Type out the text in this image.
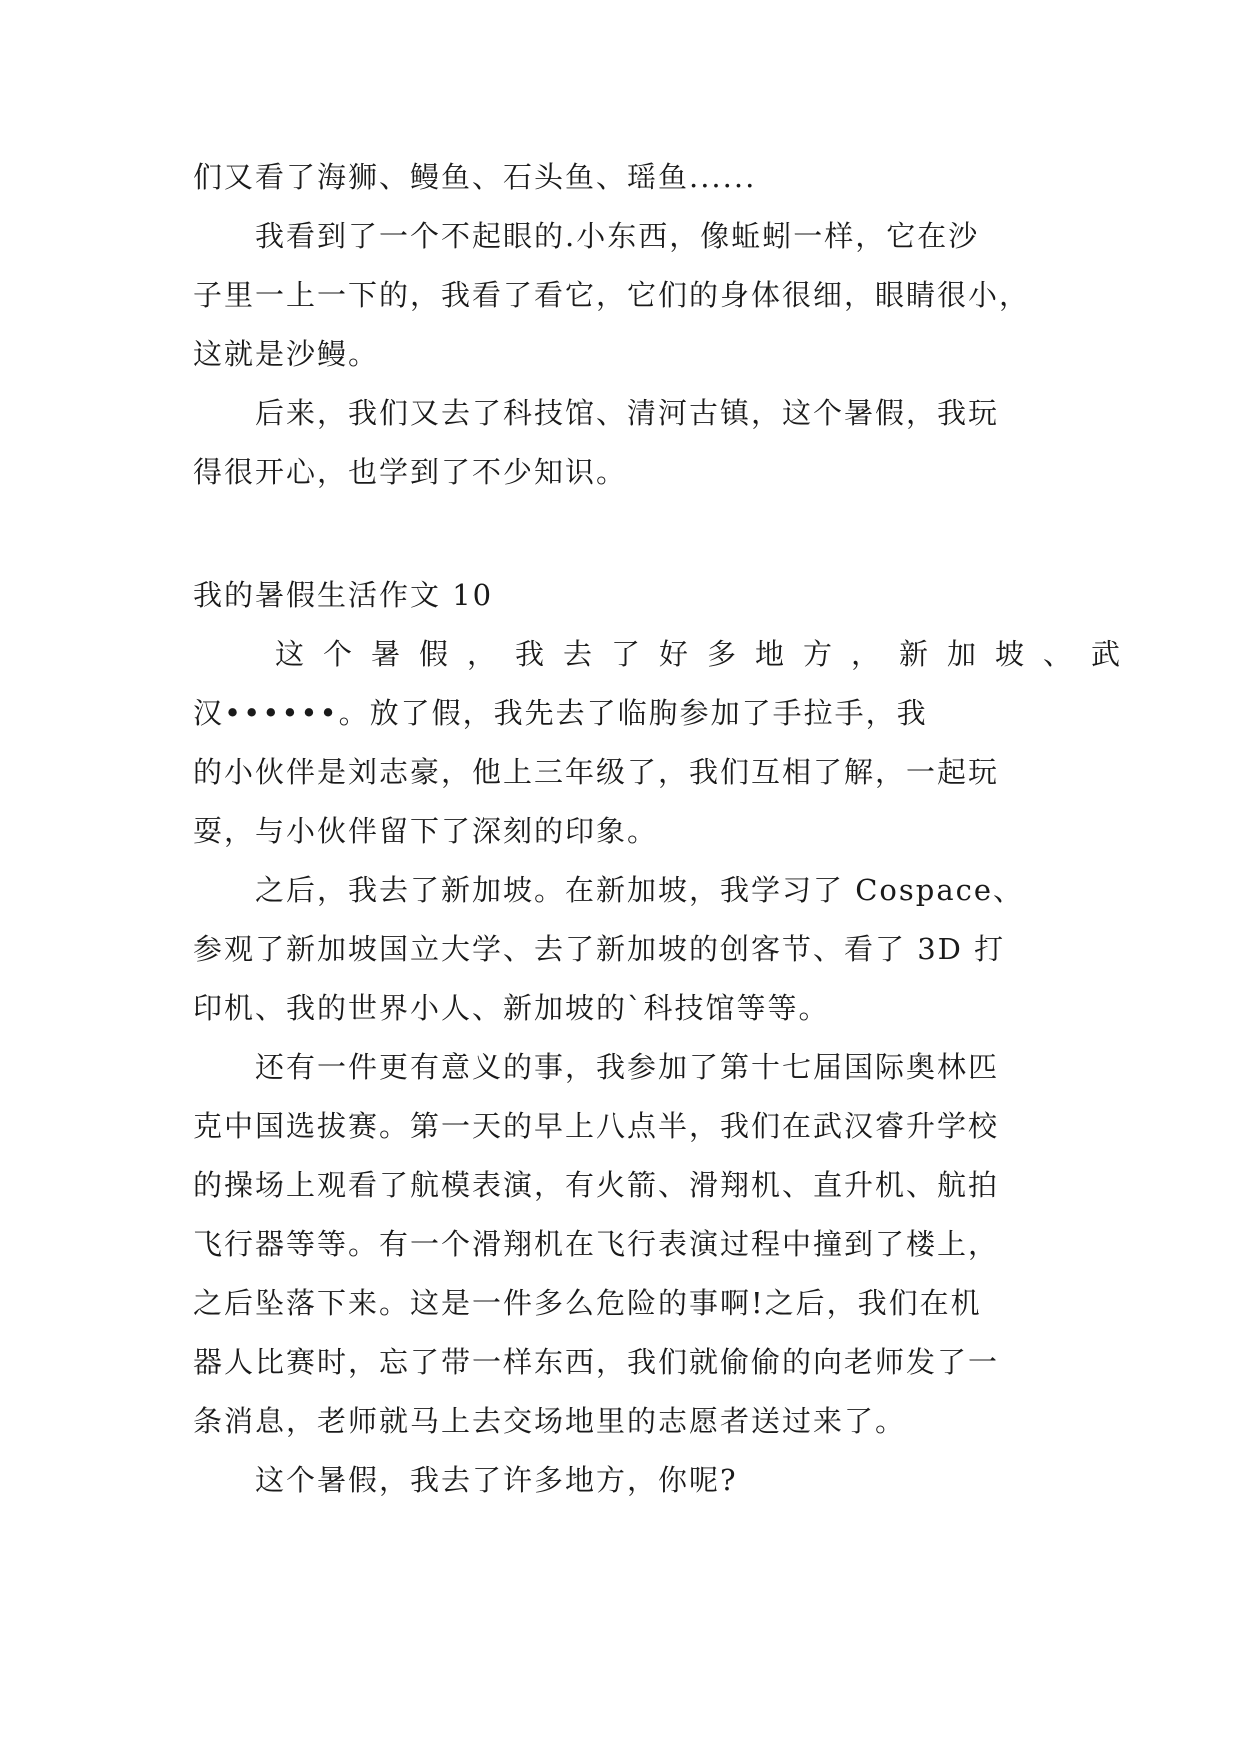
们又看了海狮、鳗鱼、石头鱼、瑶鱼......
我看到了一个不起眼的.小东西，像蚯蚓一样，它在沙
子里一上一下的，我看了看它，它们的身体很细，眼睛很小，
这就是沙鳗。
后来，我们又去了科技馆、清河古镇，这个暑假，我玩
得很开心，也学到了不少知识。
我的暑假生活作文 10
这个暑假，我去了好多地方，新加坡、武
汉••••••。放了假，我先去了临朐参加了手拉手，我
的小伙伴是刘志豪，他上三年级了，我们互相了解，一起玩
耍，与小伙伴留下了深刻的印象。
之后，我去了新加坡。在新加坡，我学习了 Cospace、
参观了新加坡国立大学、去了新加坡的创客节、看了 3D 打
印机、我的世界小人、新加坡的`科技馆等等。
还有一件更有意义的事，我参加了第十七届国际奥林匹
克中国选拔赛。第一天的早上八点半，我们在武汉睿升学校
的操场上观看了航模表演，有火箭、滑翔机、直升机、航拍
飞行器等等。有一个滑翔机在飞行表演过程中撞到了楼上，
之后坠落下来。这是一件多么危险的事啊!之后，我们在机
器人比赛时，忘了带一样东西，我们就偷偷的向老师发了一
条消息，老师就马上去交场地里的志愿者送过来了。
这个暑假，我去了许多地方，你呢?
